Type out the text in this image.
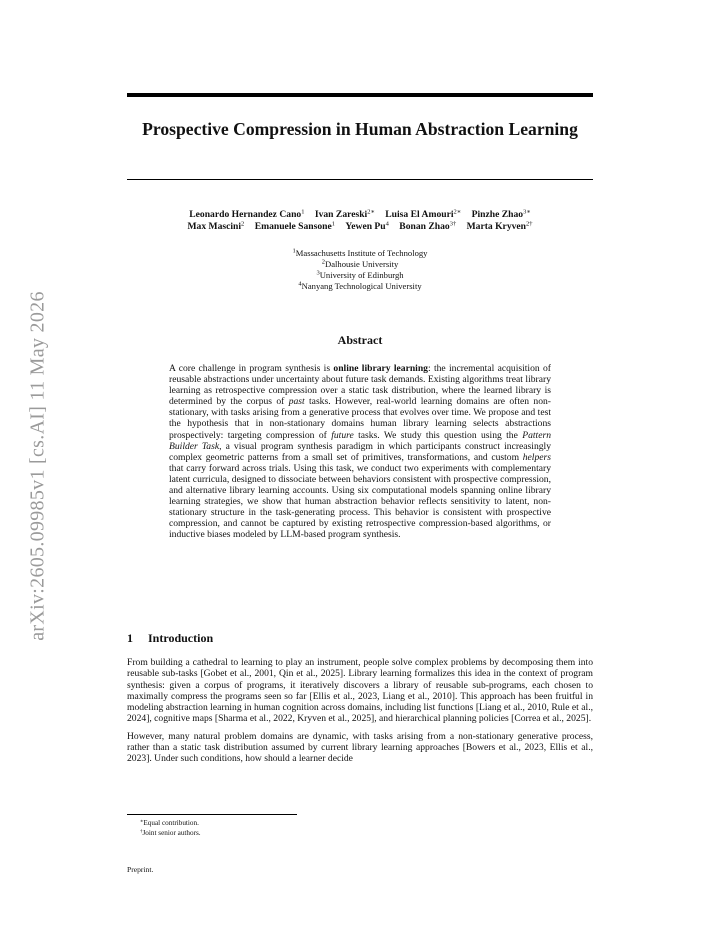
arXiv:2605.09985v1 [cs.AI] 11 May 2026
Prospective Compression in Human Abstraction Learning
Leonardo Hernandez Cano$^1$ Ivan Zareski$^{2∗}$ Luisa El Amouri$^{2∗}$ Pinzhe Zhao$^{3∗}$
Max Mascini$^2$ Emanuele Sansone$^1$ Yewen Pu$^4$ Bonan Zhao$^{3\dagger}$ Marta Kryven$^{2\dagger}$
$^1$Massachusetts Institute of Technology
$^2$Dalhousie University
$^3$University of Edinburgh
$^4$Nanyang Technological University
Abstract
A core challenge in program synthesis is online library learning: the incremental acquisition of reusable abstractions under uncertainty about future task demands. Existing algorithms treat library learning as retrospective compression over a static task distribution, where the learned library is determined by the corpus of past tasks. However, real-world learning domains are often non-stationary, with tasks arising from a generative process that evolves over time. We propose and test the hypothesis that in non-stationary domains human library learning selects abstractions prospectively: targeting compression of future tasks. We study this question using the Pattern Builder Task, a visual program synthesis paradigm in which participants construct increasingly complex geometric patterns from a small set of primitives, transformations, and custom helpers that carry forward across trials. Using this task, we conduct two experiments with complementary latent curricula, designed to dissociate between behaviors consistent with prospective compression, and alternative library learning accounts. Using six computational models spanning online library learning strategies, we show that human abstraction behavior reflects sensitivity to latent, non-stationary structure in the task-generating process. This behavior is consistent with prospective compression, and cannot be captured by existing retrospective compression-based algorithms, or inductive biases modeled by LLM-based program synthesis.
1 Introduction

From building a cathedral to learning to play an instrument, people solve complex problems by decomposing them into reusable sub-tasks [Gobet et al., 2001, Qin et al., 2025]. Library learning formalizes this idea in the context of program synthesis: given a corpus of programs, it iteratively discovers a library of reusable sub-programs, each chosen to maximally compress the programs seen so far [Ellis et al., 2023, Liang et al., 2010]. This approach has been fruitful in modeling abstraction learning in human cognition across domains, including list functions [Liang et al., 2010, Rule et al., 2024], cognitive maps [Sharma et al., 2022, Kryven et al., 2025], and hierarchical planning policies [Correa et al., 2025].

However, many natural problem domains are dynamic, with tasks arising from a non-stationary generative process, rather than a static task distribution assumed by current library learning approaches [Bowers et al., 2023, Ellis et al., 2023]. Under such conditions, how should a learner decide

∗Equal contribution.
†Joint senior authors.
Preprint.
